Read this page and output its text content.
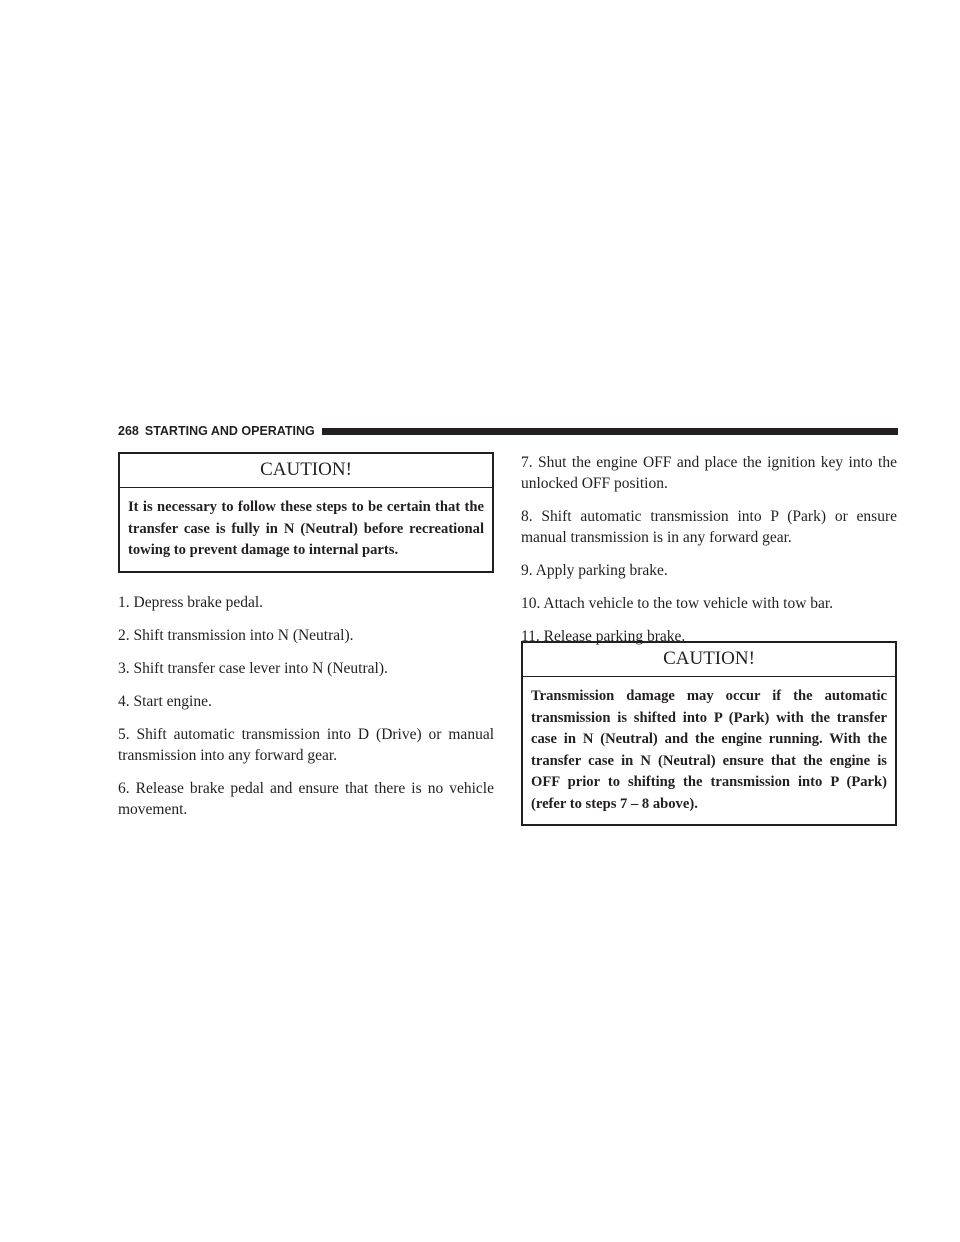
268 STARTING AND OPERATING
CAUTION!
It is necessary to follow these steps to be certain that the transfer case is fully in N (Neutral) before recreational towing to prevent damage to internal parts.

1. Depress brake pedal.

2. Shift transmission into N (Neutral).

3. Shift transfer case lever into N (Neutral).

4. Start engine.

5. Shift automatic transmission into D (Drive) or manual transmission into any forward gear.

6. Release brake pedal and ensure that there is no vehicle movement.

7. Shut the engine OFF and place the ignition key into the unlocked OFF position.

8. Shift automatic transmission into P (Park) or ensure manual transmission is in any forward gear.

9. Apply parking brake.

10. Attach vehicle to the tow vehicle with tow bar.

11. Release parking brake.

CAUTION!
Transmission damage may occur if the automatic transmission is shifted into P (Park) with the transfer case in N (Neutral) and the engine running. With the transfer case in N (Neutral) ensure that the engine is OFF prior to shifting the transmission into P (Park) (refer to steps 7 – 8 above).
